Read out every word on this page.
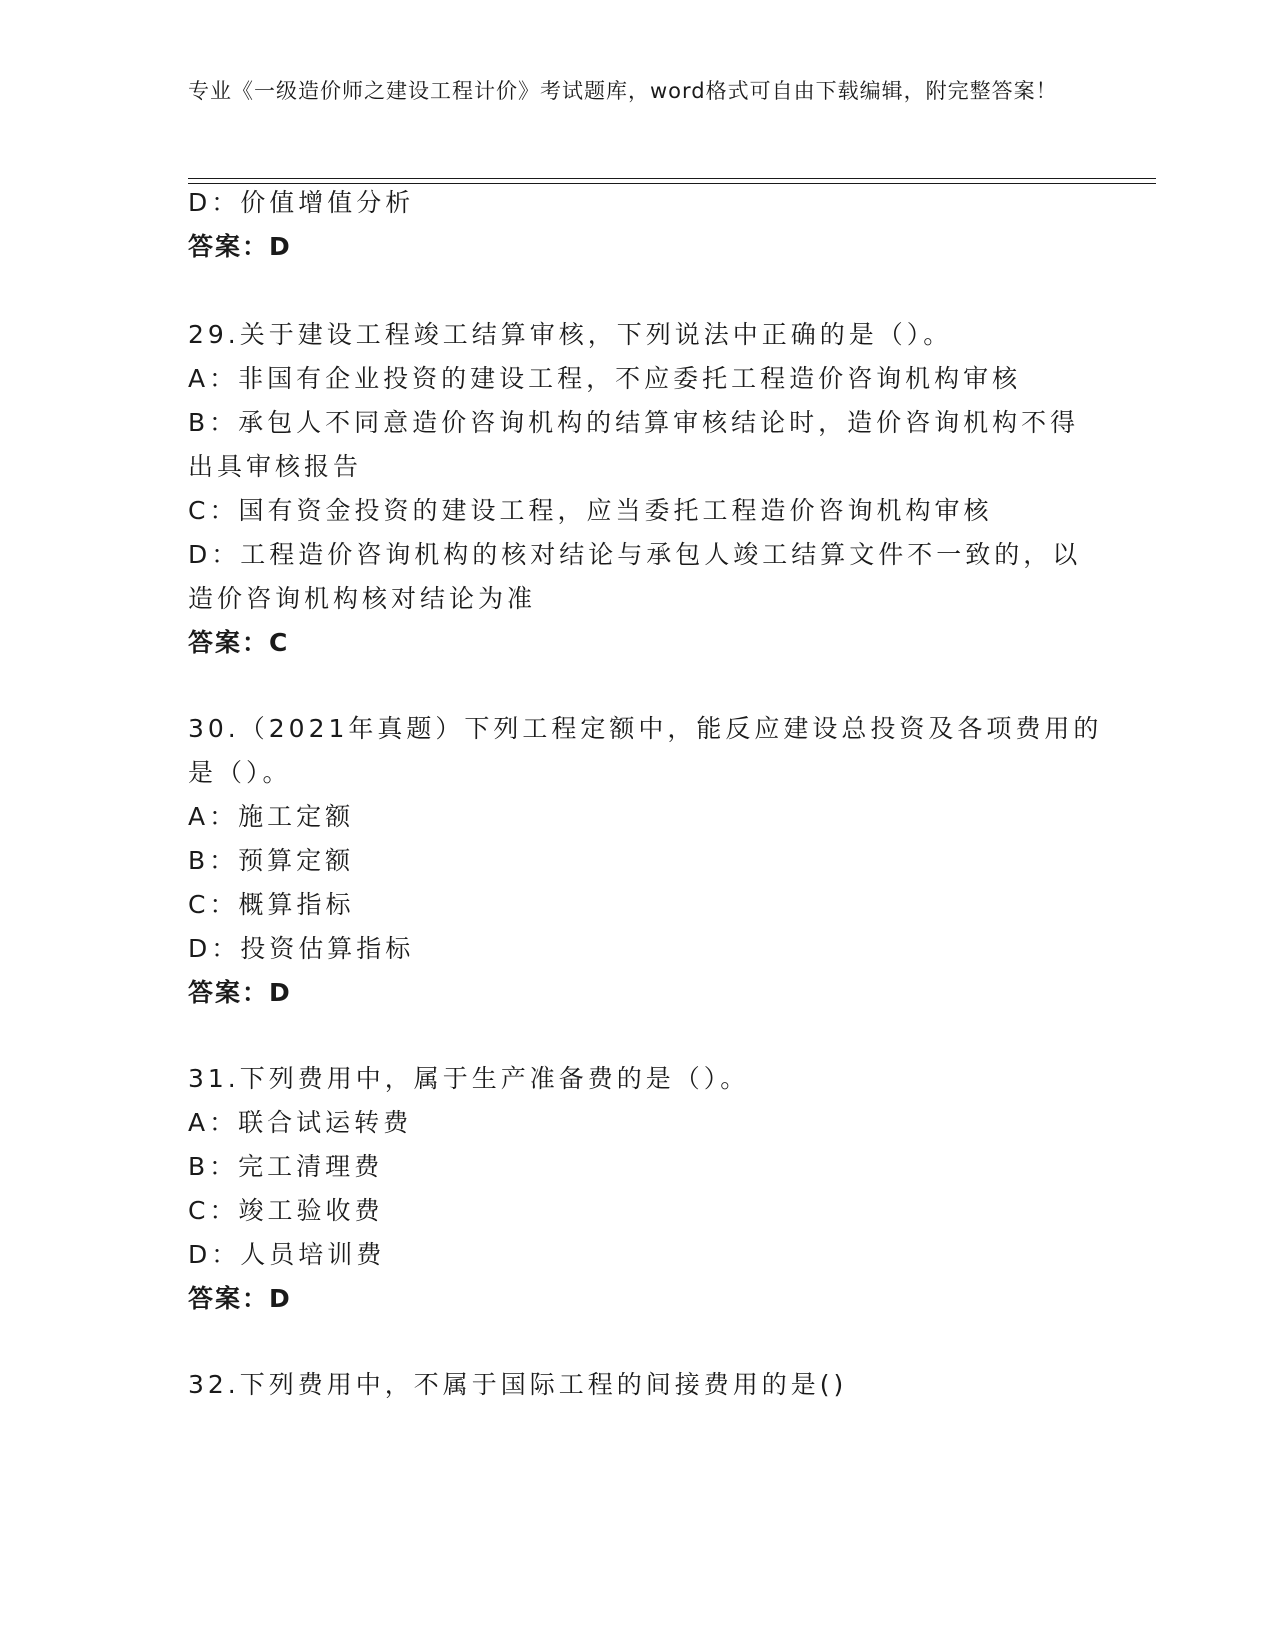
专业《一级造价师之建设工程计价》考试题库，word格式可自由下载编辑，附完整答案！
D：价值增值分析
答案：D
29.关于建设工程竣工结算审核，下列说法中正确的是（）。
A：非国有企业投资的建设工程，不应委托工程造价咨询机构审核
B：承包人不同意造价咨询机构的结算审核结论时，造价咨询机构不得
出具审核报告
C：国有资金投资的建设工程，应当委托工程造价咨询机构审核
D：工程造价咨询机构的核对结论与承包人竣工结算文件不一致的，以
造价咨询机构核对结论为准
答案：C
30.（2021年真题）下列工程定额中，能反应建设总投资及各项费用的
是（）。
A：施工定额
B：预算定额
C：概算指标
D：投资估算指标
答案：D
31.下列费用中，属于生产准备费的是（）。
A：联合试运转费
B：完工清理费
C：竣工验收费
D：人员培训费
答案：D
32.下列费用中，不属于国际工程的间接费用的是()
